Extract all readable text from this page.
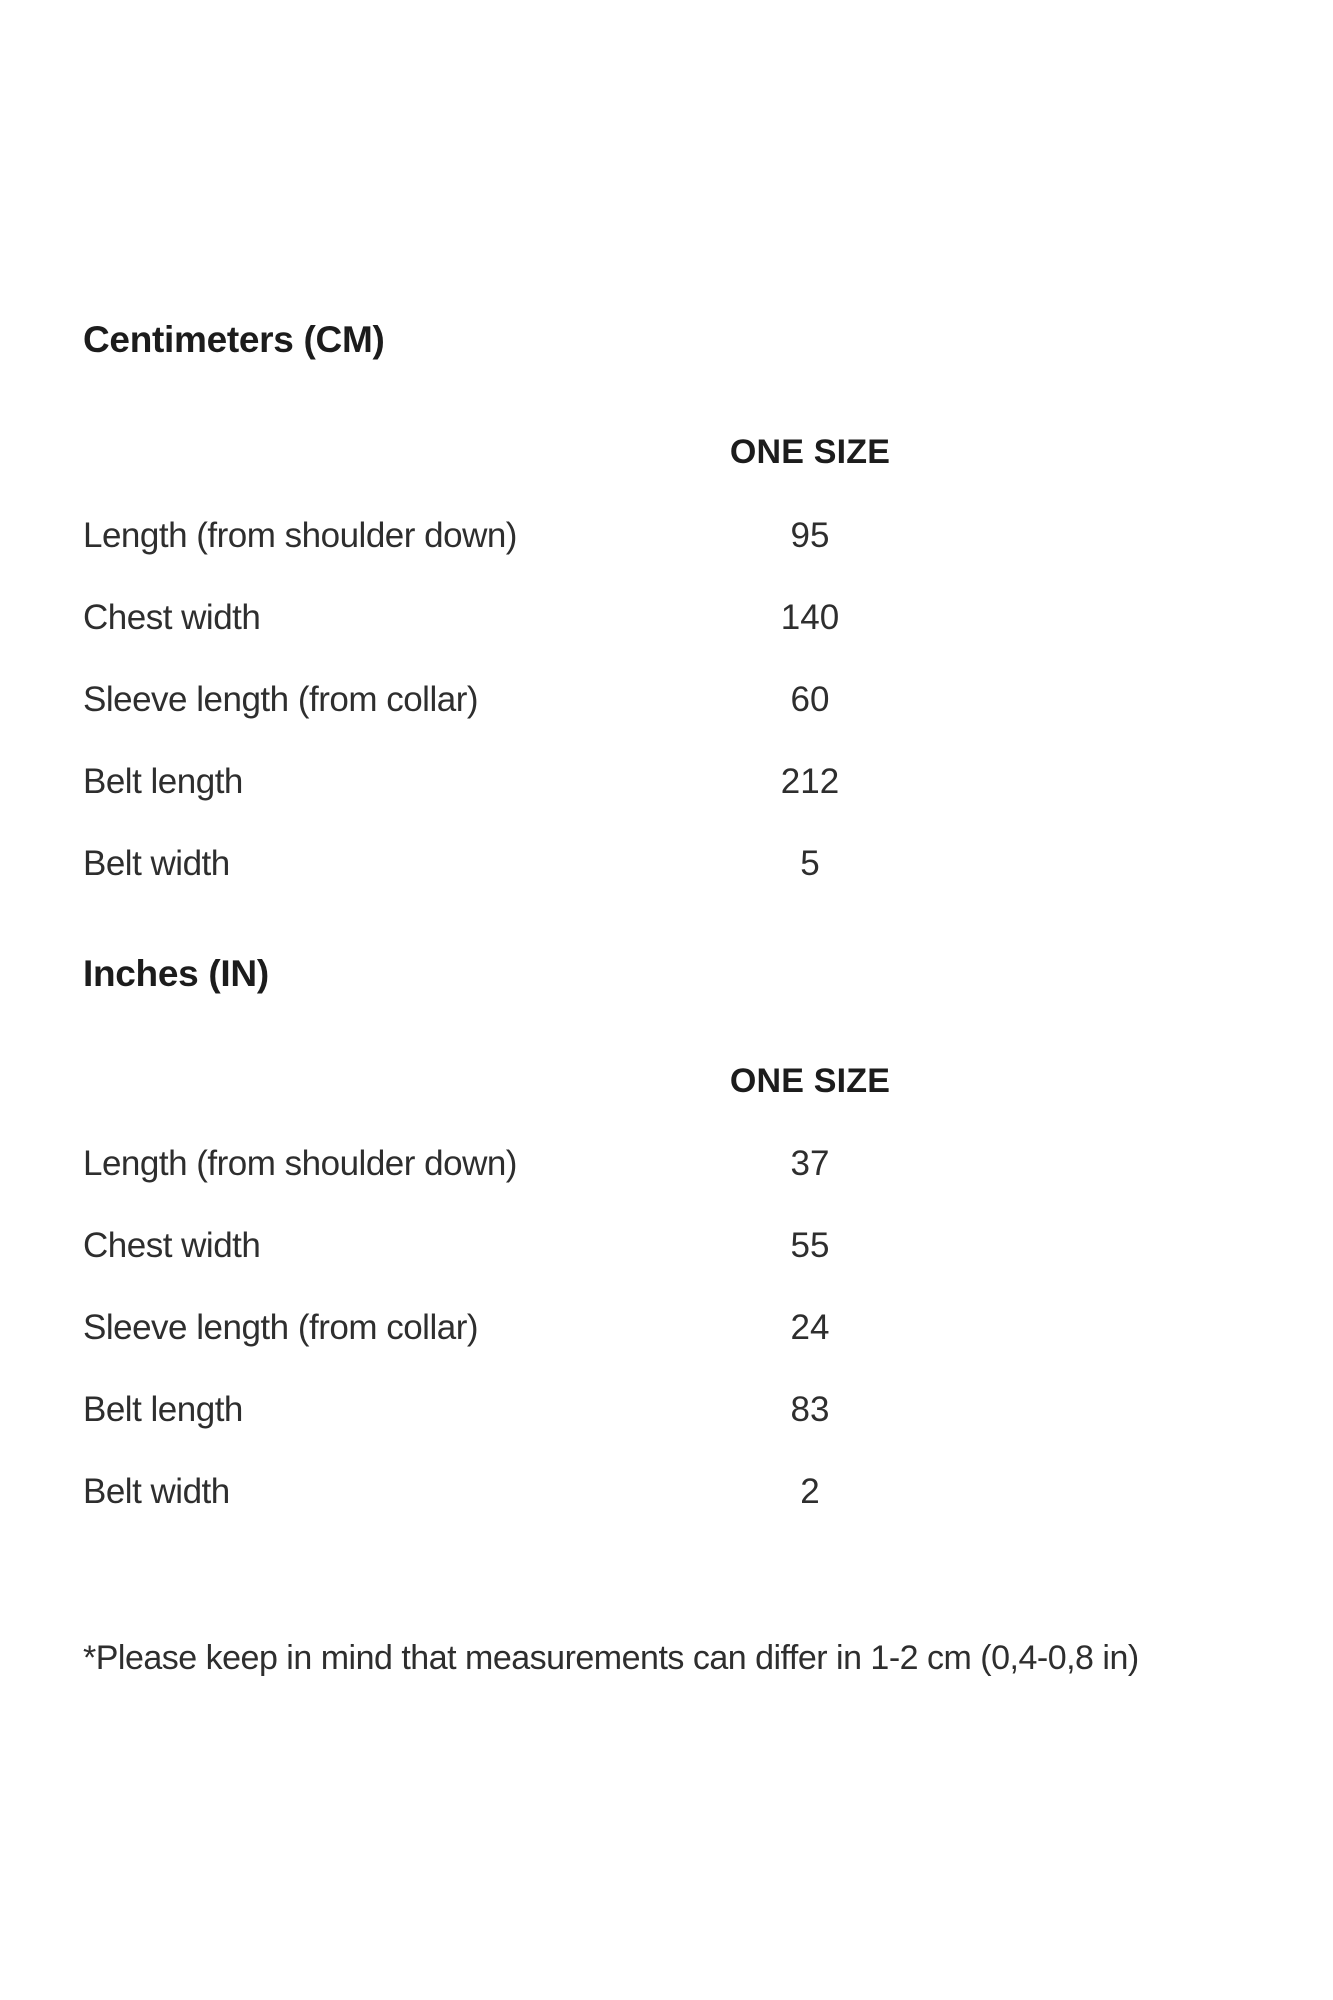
Centimeters (CM)
ONE SIZE
Length (from shoulder down)	95
Chest width	140
Sleeve length (from collar)	60
Belt length	212
Belt width	5
Inches (IN)
ONE SIZE
Length (from shoulder down)	37
Chest width	55
Sleeve length (from collar)	24
Belt length	83
Belt width	2
*Please keep in mind that measurements can differ in 1-2 cm (0,4-0,8 in)
